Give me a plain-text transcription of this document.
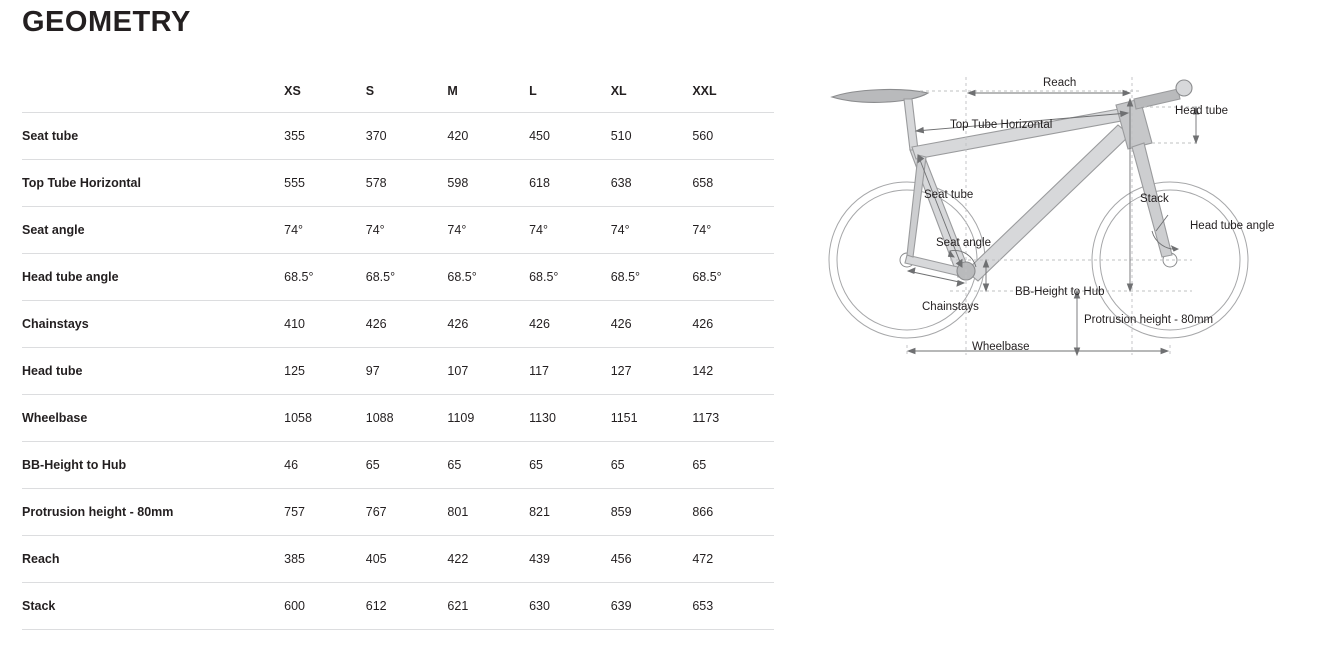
GEOMETRY
	XS	S	M	L	XL	XXL
Seat tube	355	370	420	450	510	560
Top Tube Horizontal	555	578	598	618	638	658
Seat angle	74°	74°	74°	74°	74°	74°
Head tube angle	68.5°	68.5°	68.5°	68.5°	68.5°	68.5°
Chainstays	410	426	426	426	426	426
Head tube	125	97	107	117	127	142
Wheelbase	1058	1088	1109	1130	1151	1173
BB-Height to Hub	46	65	65	65	65	65
Protrusion height - 80mm	757	767	801	821	859	866
Reach	385	405	422	439	456	472
Stack	600	612	621	630	639	653
Reach
Head tube
Top Tube Horizontal
Seat tube	Stack
Head tube angle
Seat angle
BB-Height to Hub
Chainstays
Protrusion height - 80mm
Wheelbase
